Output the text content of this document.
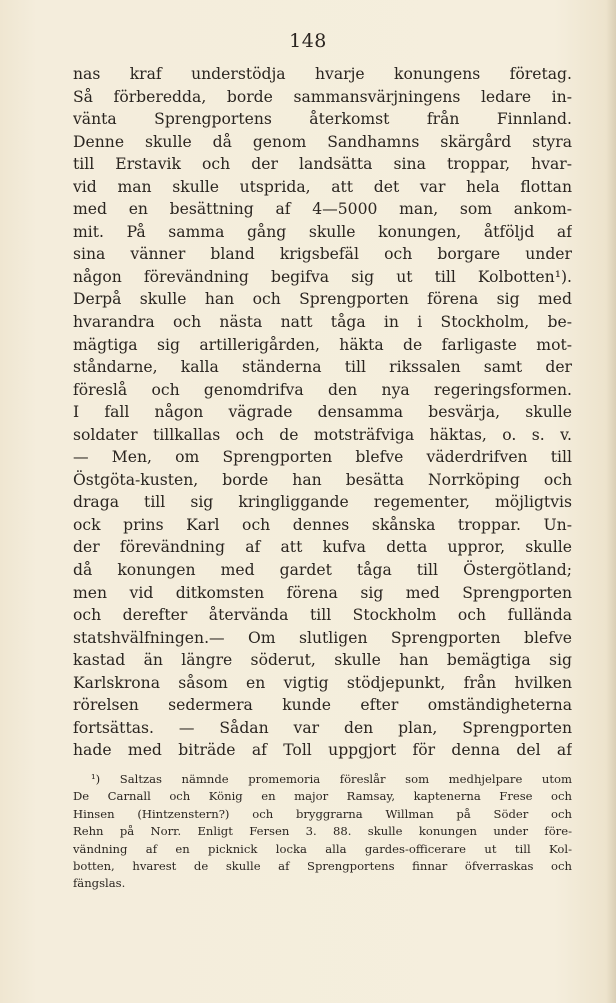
148
nas kraf understödja hvarje konungens företag.
Så förberedda, borde sammansvärjningens ledare in-
vänta Sprengportens återkomst från Finnland.
Denne skulle då genom Sandhamns skärgård styra
till Erstavik och der landsätta sina troppar, hvar-
vid man skulle utsprida, att det var hela flottan
med en besättning af 4—5000 man, som ankom-
mit. På samma gång skulle konungen, åtföljd af
sina vänner bland krigsbefäl och borgare under
någon förevändning begifva sig ut till Kolbotten¹).
Derpå skulle han och Sprengporten förena sig med
hvarandra och nästa natt tåga in i Stockholm, be-
mägtiga sig artillerigården, häkta de farligaste mot-
ståndarne, kalla ständerna till rikssalen samt der
föreslå och genomdrifva den nya regeringsformen.
I fall någon vägrade densamma besvärja, skulle
soldater tillkallas och de motsträfviga häktas, o. s. v.
— Men, om Sprengporten blefve väderdrifven till
Östgöta-kusten, borde han besätta Norrköping och
draga till sig kringliggande regementer, möjligtvis
ock prins Karl och dennes skånska troppar. Un-
der förevändning af att kufva detta uppror, skulle
då konungen med gardet tåga till Östergötland;
men vid ditkomsten förena sig med Sprengporten
och derefter återvända till Stockholm och fullända
statshvälfningen.— Om slutligen Sprengporten blefve
kastad än längre söderut, skulle han bemägtiga sig
Karlskrona såsom en vigtig stödjepunkt, från hvilken
rörelsen sedermera kunde efter omständigheterna
fortsättas. — Sådan var den plan, Sprengporten
hade med biträde af Toll uppgjort för denna del af
¹) Saltzas nämnde promemoria föreslår som medhjelpare utom
De Carnall och König en major Ramsay, kaptenerna Frese och
Hinsen (Hintzenstern?) och bryggrarna Willman på Söder och
Rehn på Norr. Enligt Fersen 3. 88. skulle konungen under före-
vändning af en picknick locka alla gardes-officerare ut till Kol-
botten, hvarest de skulle af Sprengportens finnar öfverraskas och
fängslas.
